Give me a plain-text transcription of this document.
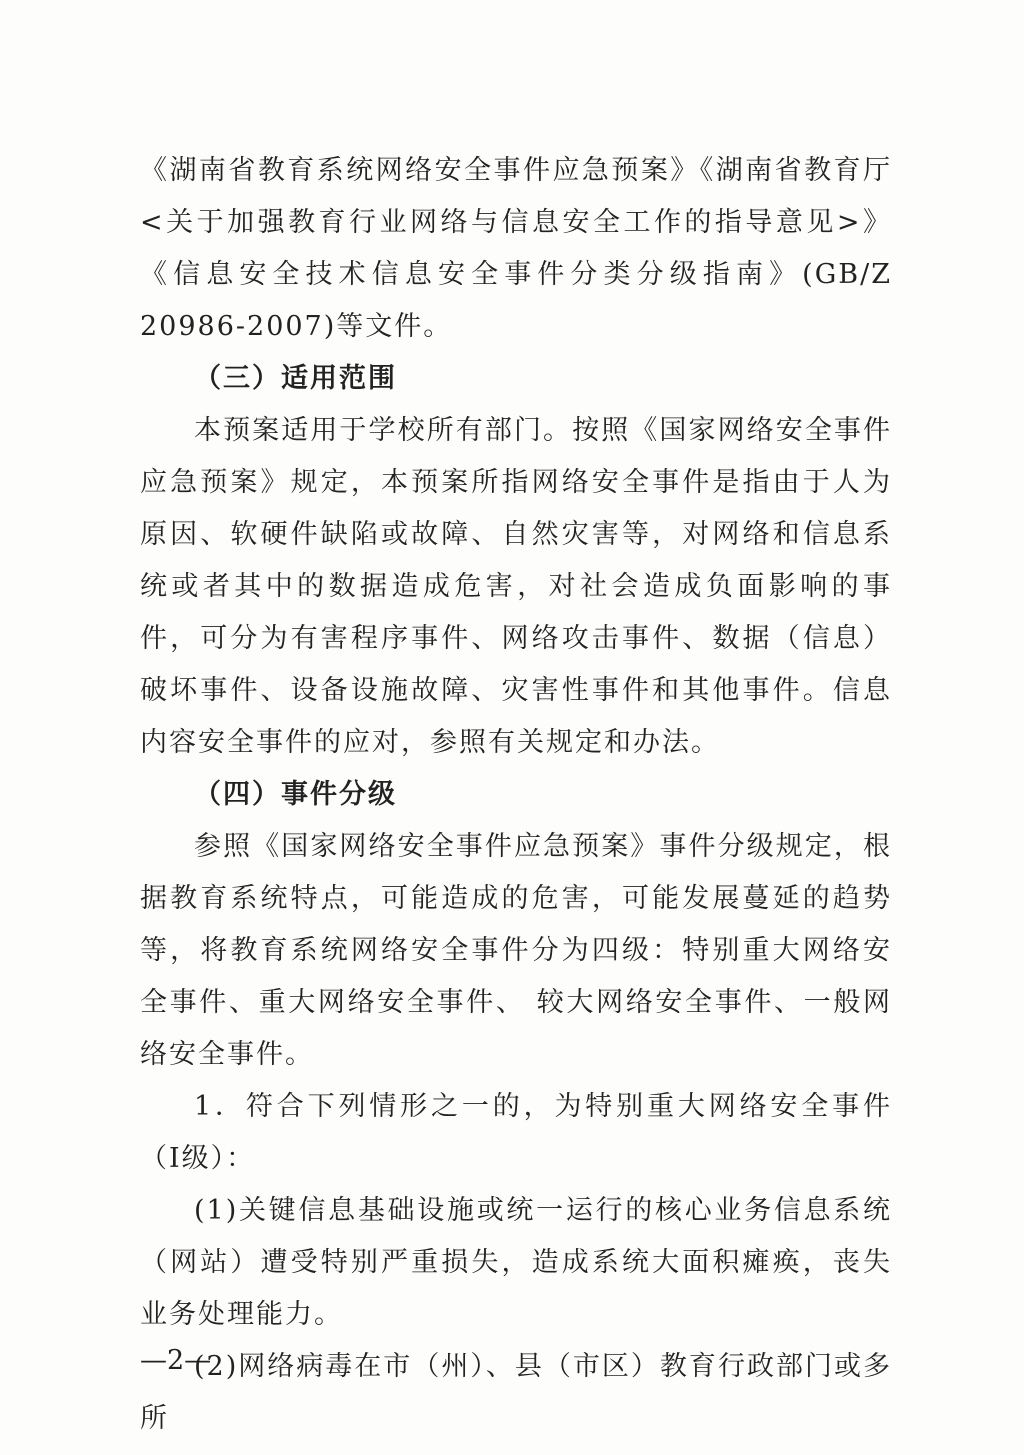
《湖南省教育系统网络安全事件应急预案》《湖南省教育厅<关于加强教育行业网络与信息安全工作的指导意见>》《信息安全技术信息安全事件分类分级指南》(GB/Z 20986-2007)等文件。

（三）适用范围

本预案适用于学校所有部门。按照《国家网络安全事件应急预案》规定，本预案所指网络安全事件是指由于人为原因、软硬件缺陷或故障、自然灾害等，对网络和信息系统或者其中的数据造成危害，对社会造成负面影响的事件，可分为有害程序事件、网络攻击事件、数据（信息）破坏事件、设备设施故障、灾害性事件和其他事件。信息内容安全事件的应对，参照有关规定和办法。

（四）事件分级

参照《国家网络安全事件应急预案》事件分级规定，根据教育系统特点，可能造成的危害，可能发展蔓延的趋势等，将教育系统网络安全事件分为四级：特别重大网络安全事件、重大网络安全事件、 较大网络安全事件、一般网络安全事件。

1．符合下列情形之一的，为特别重大网络安全事件（Ⅰ级）：

(1)关键信息基础设施或统一运行的核心业务信息系统（网站）遭受特别严重损失，造成系统大面积瘫痪，丧失业务处理能力。

(2)网络病毒在市（州）、县（市区）教育行政部门或多所

—2—
